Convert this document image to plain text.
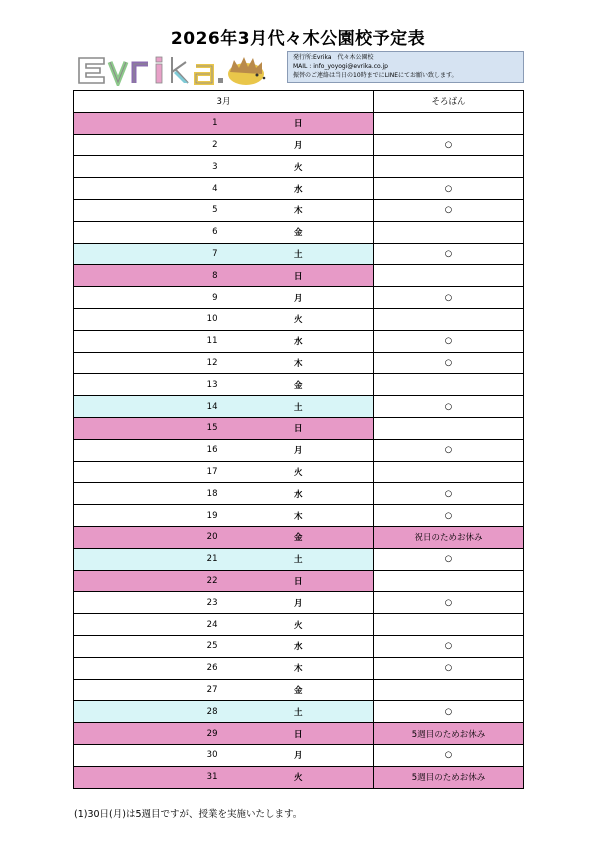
2026年3月代々木公園校予定表
発行所:Evrika　代々木公園校
MAIL : info_yoyogi@evrika.co.jp
振替のご連絡は当日の10時までにLINEにてお願い致します。
3月		そろばん
1	日	
2	月	○
3	火	
4	水	○
5	木	○
6	金	
7	土	○
8	日	
9	月	○
10	火	
11	水	○
12	木	○
13	金	
14	土	○
15	日	
16	月	○
17	火	
18	水	○
19	木	○
20	金	祝日のためお休み
21	土	○
22	日	
23	月	○
24	火	
25	水	○
26	木	○
27	金	
28	土	○
29	日	5週目のためお休み
30	月	○
31	火	5週目のためお休み
(1)30日(月)は5週目ですが、授業を実施いたします。
